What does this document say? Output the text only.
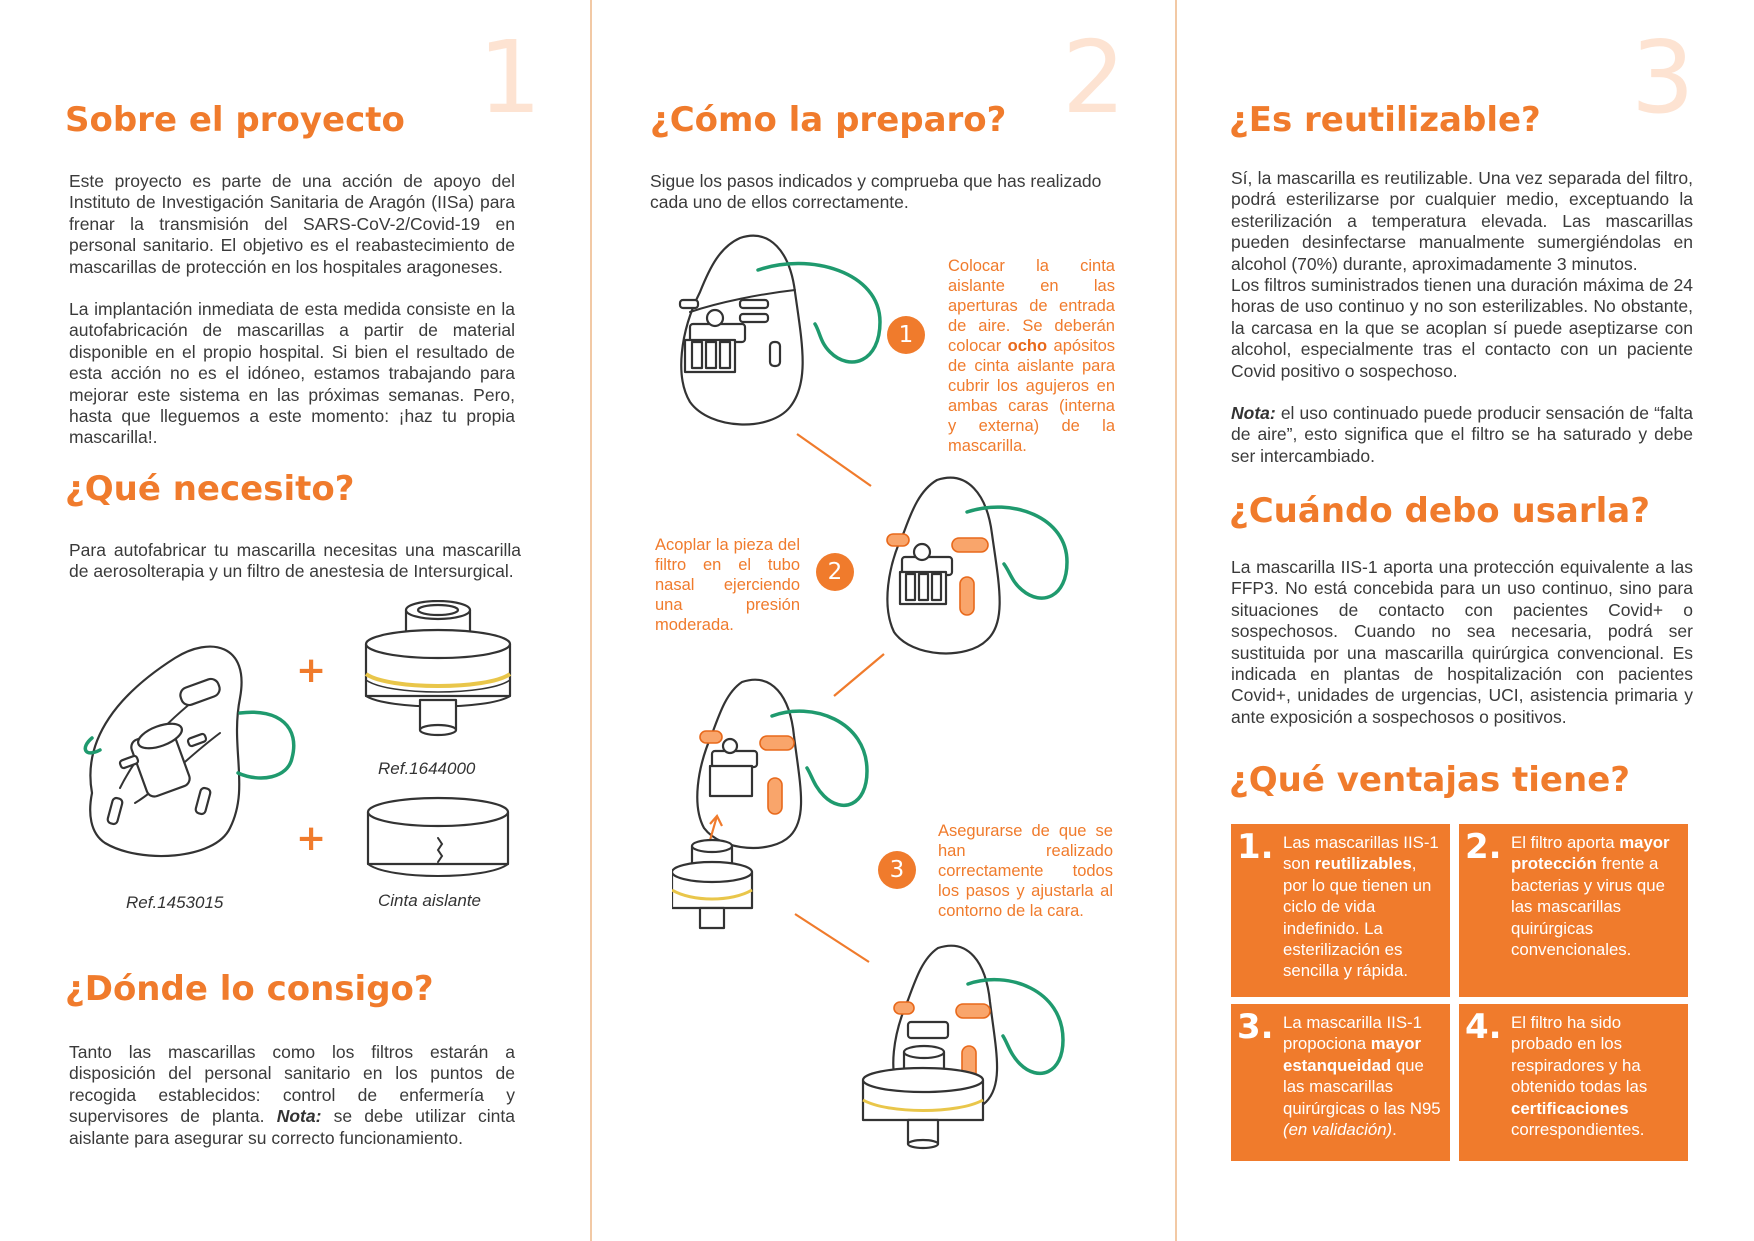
1
Sobre el proyecto

Este proyecto es parte de una acción de apoyo del Instituto de Investigación Sanitaria de Aragón (IISa) para frenar la transmisión del SARS-CoV-2/Covid-19 en personal sanitario. El objetivo es el reabastecimiento de mascarillas de protección en los hospitales aragoneses.

La implantación inmediata de esta medida consiste en la autofabricación de mascarillas a partir de material disponible en el propio hospital. Si bien el resultado de esta acción no es el idóneo, estamos trabajando para mejorar este sistema en las próximas semanas. Pero, hasta que lleguemos a este momento: ¡haz tu propia mascarilla!.

¿Qué necesito?

Para autofabricar tu mascarilla necesitas una mascarilla de aerosolterapia y un filtro de anestesia de Intersurgical.

+
+
Ref.1644000
Ref.1453015	Cinta aislante
¿Dónde lo consigo?

Tanto las mascarillas como los filtros estarán a disposición del personal sanitario en los puntos de recogida establecidos: control de enfermería y supervisores de planta. Nota: se debe utilizar cinta aislante para asegurar su correcto funcionamiento.

2
¿Cómo la preparo?

Sigue los pasos indicados y comprueba que has realizado cada uno de ellos correctamente.

1

Colocar la cinta aislante en las aperturas de entrada de aire. Se deberán colocar ocho apósitos de cinta aislante para cubrir los agujeros en ambas caras (interna y externa) de la mascarilla.

2

Acoplar la pieza del filtro en el tubo nasal ejerciendo una presión moderada.

3

Asegurarse de que se han realizado correctamente todos los pasos y ajustarla al contorno de la cara.

3
¿Es reutilizable?

Sí, la mascarilla es reutilizable. Una vez separada del filtro, podrá esterilizarse por cualquier medio, exceptuando la esterilización a temperatura elevada. Las mascarillas pueden desinfectarse manualmente sumergiéndolas en alcohol (70%) durante, aproximadamente 3 minutos.

Los filtros suministrados tienen una duración máxima de 24 horas de uso continuo y no son esterilizables. No obstante, la carcasa en la que se acoplan sí puede aseptizarse con alcohol, especialmente tras el contacto con un paciente Covid positivo o sospechoso.

Nota: el uso continuado puede producir sensación de “falta de aire”, esto significa que el filtro se ha saturado y debe ser intercambiado.

¿Cuándo debo usarla?

La mascarilla IIS-1 aporta una protección equivalente a las FFP3. No está concebida para un uso continuo, sino para situaciones de contacto con pacientes Covid+ o sospechosos. Cuando no sea necesaria, podrá ser sustituida por una mascarilla quirúrgica convencional. Es indicada en plantas de hospitalización con pacientes Covid+, unidades de urgencias, UCI, asistencia primaria y ante exposición a sospechosos o positivos.

¿Qué ventajas tiene?
1. Las mascarillas IIS-1 son reutilizables, por lo que tienen un ciclo de vida indefinido. La esterilización es sencilla y rápida.
2. El filtro aporta mayor protección frente a bacterias y virus que las mascarillas quirúrgicas convencionales.
3. La mascarilla IIS-1 propociona mayor estanqueidad que las mascarillas quirúrgicas o las N95 (en validación).
4. El filtro ha sido probado en los respiradores y ha obtenido todas las certificaciones correspondientes.
